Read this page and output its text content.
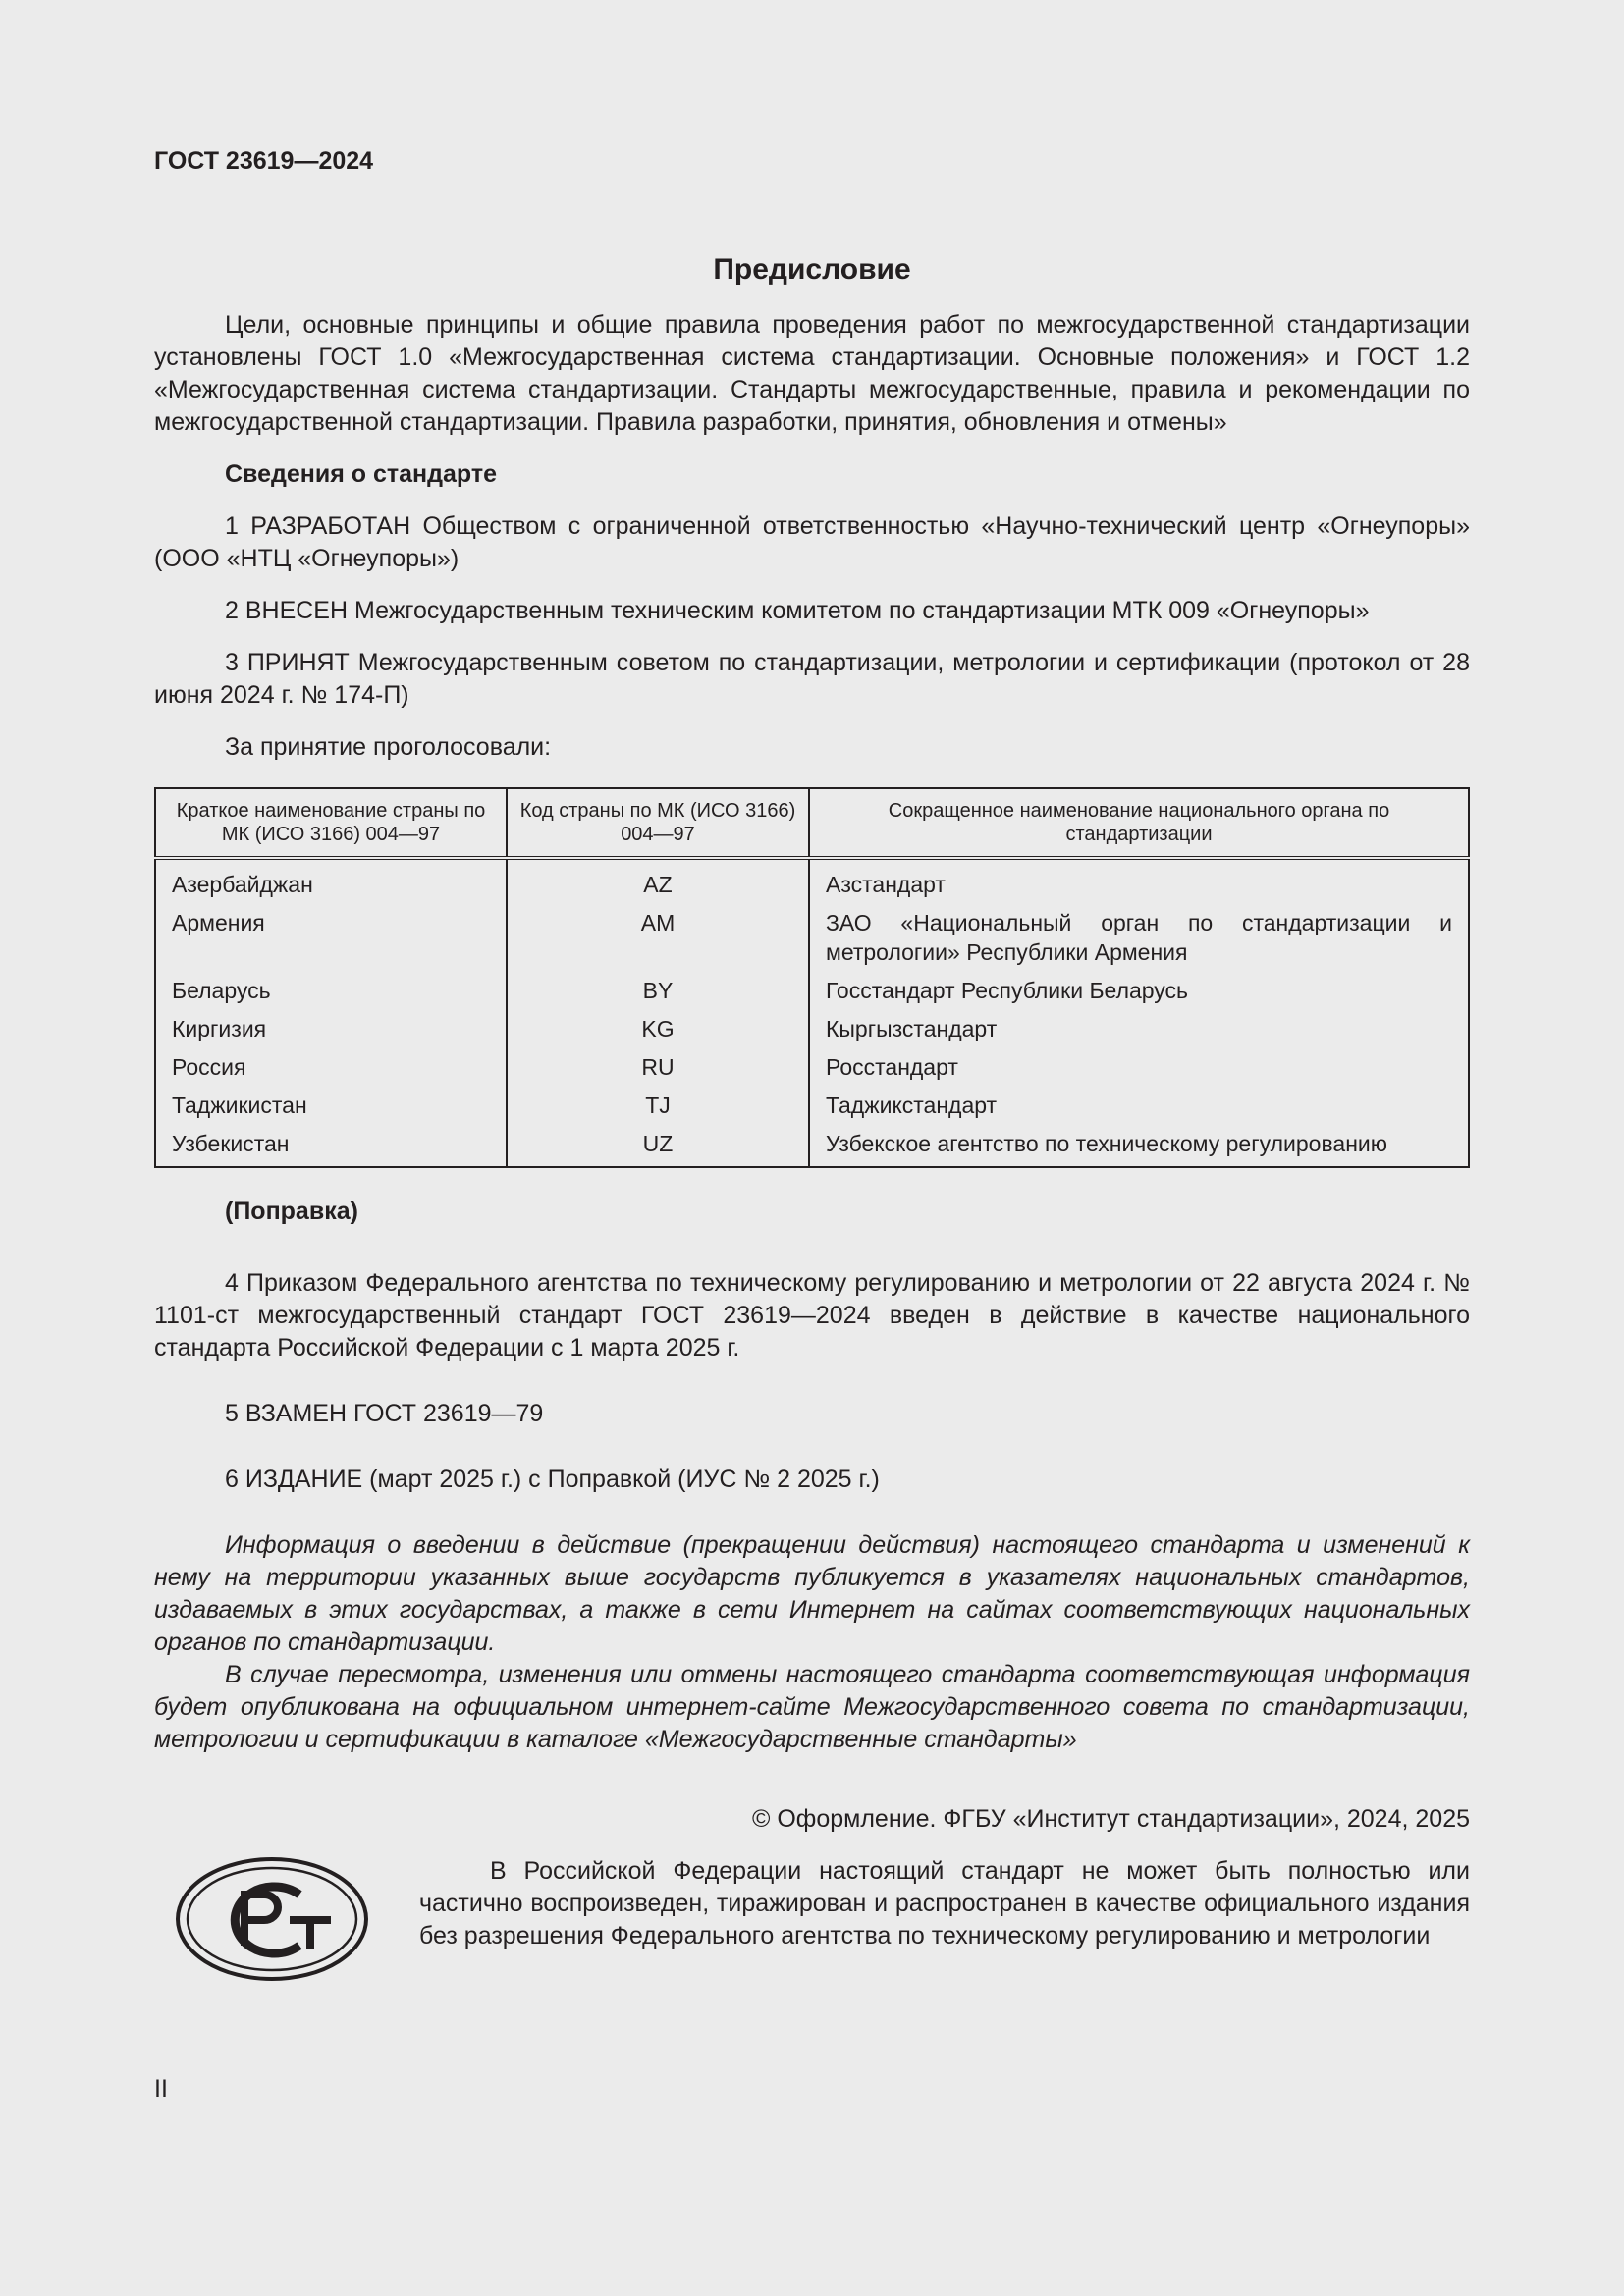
ГОСТ 23619—2024
Предисловие

Цели, основные принципы и общие правила проведения работ по межгосударственной стандартизации установлены ГОСТ 1.0 «Межгосударственная система стандартизации. Основные положения» и ГОСТ 1.2 «Межгосударственная система стандартизации. Стандарты межгосударственные, правила и рекомендации по межгосударственной стандартизации. Правила разработки, принятия, обновления и отмены»

Сведения о стандарте

1 РАЗРАБОТАН Обществом с ограниченной ответственностью «Научно-технический центр «Огнеупоры» (ООО «НТЦ «Огнеупоры»)

2 ВНЕСЕН Межгосударственным техническим комитетом по стандартизации МТК 009 «Огнеупоры»

3 ПРИНЯТ Межгосударственным советом по стандартизации, метрологии и сертификации (протокол от 28 июня 2024 г. № 174-П)

За принятие проголосовали:

Краткое наименование страны по МК (ИСО 3166) 004—97	Код страны по МК (ИСО 3166) 004—97	Сокращенное наименование национального органа по стандартизации
Азербайджан	AZ	Азстандарт
Армения	AM	ЗАО «Национальный орган по стандартизации и метрологии» Республики Армения
Беларусь	BY	Госстандарт Республики Беларусь
Киргизия	KG	Кыргызстандарт
Россия	RU	Росстандарт
Таджикистан	TJ	Таджикстандарт
Узбекистан	UZ	Узбекское агентство по техническому регулированию

(Поправка)

4 Приказом Федерального агентства по техническому регулированию и метрологии от 22 августа 2024 г. № 1101-ст межгосударственный стандарт ГОСТ 23619—2024 введен в действие в качестве национального стандарта Российской Федерации с 1 марта 2025 г.

5 ВЗАМЕН ГОСТ 23619—79

6 ИЗДАНИЕ (март 2025 г.) с Поправкой (ИУС № 2 2025 г.)

Информация о введении в действие (прекращении действия) настоящего стандарта и изменений к нему на территории указанных выше государств публикуется в указателях национальных стандартов, издаваемых в этих государствах, а также в сети Интернет на сайтах соответствующих национальных органов по стандартизации.

В случае пересмотра, изменения или отмены настоящего стандарта соответствующая информация будет опубликована на официальном интернет-сайте Межгосударственного совета по стандартизации, метрологии и сертификации в каталоге «Межгосударственные стандарты»

© Оформление. ФГБУ «Институт стандартизации», 2024, 2025

В Российской Федерации настоящий стандарт не может быть полностью или частично воспроизведен, тиражирован и распространен в качестве официального издания без разрешения Федерального агентства по техническому регулированию и метрологии

II
